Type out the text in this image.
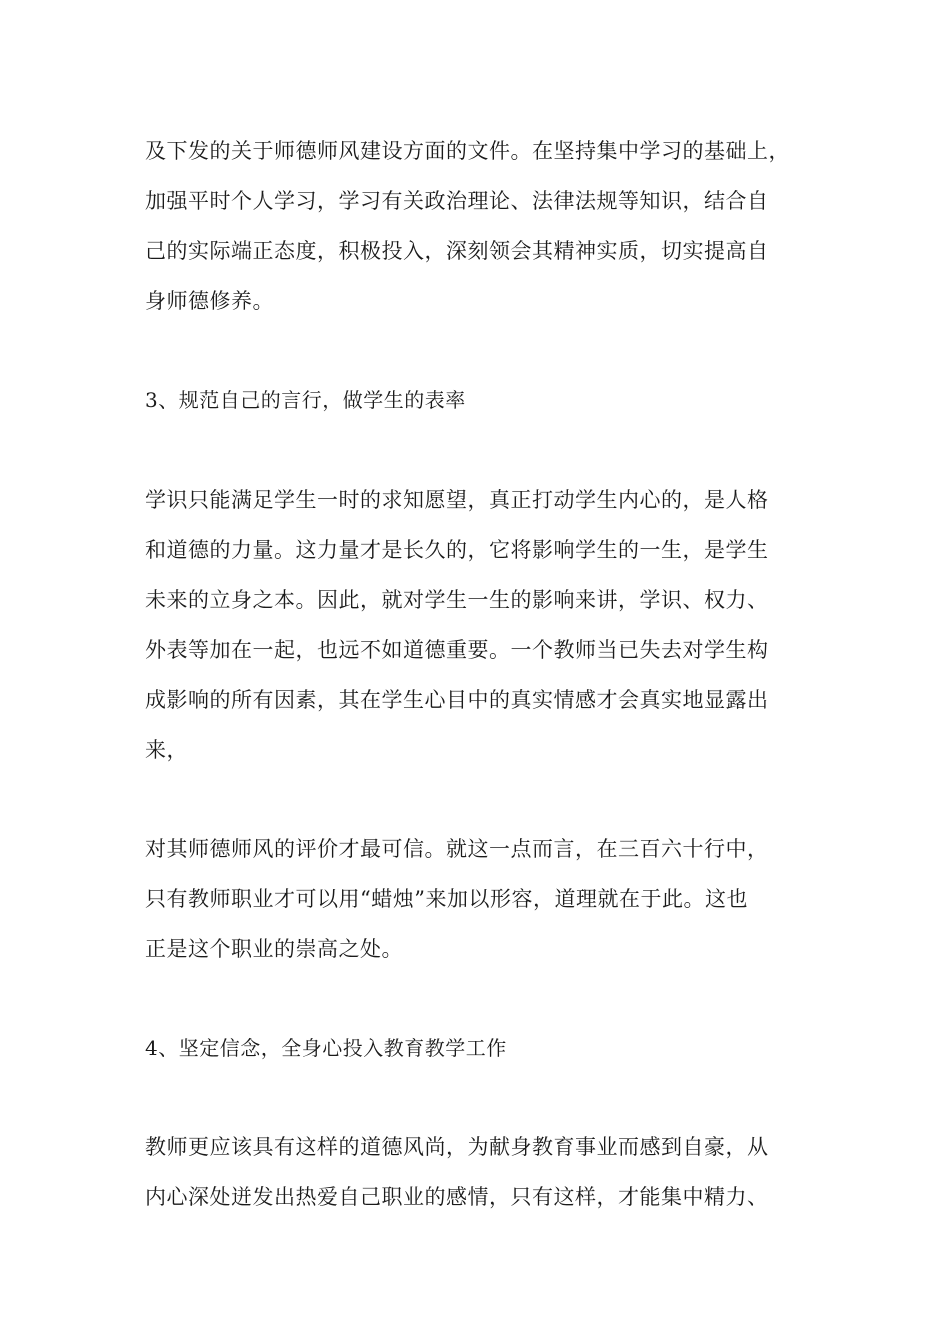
及下发的关于师德师风建设方面的文件。在坚持集中学习的基础上，
加强平时个人学习，学习有关政治理论、法律法规等知识，结合自
己的实际端正态度，积极投入，深刻领会其精神实质，切实提高自
身师德修养。
3、规范自己的言行，做学生的表率
学识只能满足学生一时的求知愿望，真正打动学生内心的，是人格
和道德的力量。这力量才是长久的，它将影响学生的一生，是学生
未来的立身之本。因此，就对学生一生的影响来讲，学识、权力、
外表等加在一起，也远不如道德重要。一个教师当已失去对学生构
成影响的所有因素，其在学生心目中的真实情感才会真实地显露出
来，
对其师德师风的评价才最可信。就这一点而言，在三百六十行中，
只有教师职业才可以用“蜡烛”来加以形容，道理就在于此。这也
正是这个职业的崇高之处。
4、坚定信念，全身心投入教育教学工作
教师更应该具有这样的道德风尚，为献身教育事业而感到自豪，从
内心深处迸发出热爱自己职业的感情，只有这样，才能集中精力、
